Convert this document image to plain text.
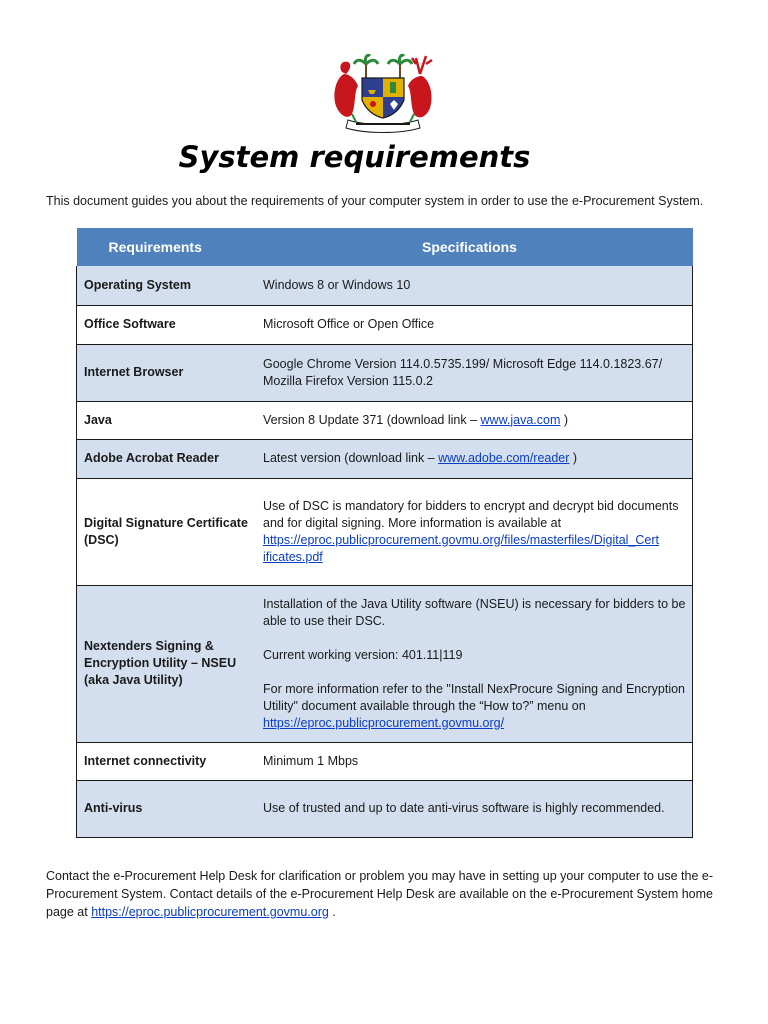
System requirements
This document guides you about the requirements of your computer system in order to use the e-Procurement System.
Requirements	Specifications
Operating System	Windows 8 or Windows 10
Office Software	Microsoft Office or Open Office
Internet Browser	Google Chrome Version 114.0.5735.199/ Microsoft Edge 114.0.1823.67/
Mozilla Firefox Version 115.0.2

Java	Version 8 Update 371 (download link – www.java.com )
Adobe Acrobat Reader	Latest version (download link – www.adobe.com/reader )
Digital Signature Certificate (DSC)	Use of DSC is mandatory for bidders to encrypt and decrypt bid documents and for digital signing. More information is available at
https://eproc.publicprocurement.govmu.org/files/masterfiles/Digital_Cert
ificates.pdf

Nextenders Signing & Encryption Utility – NSEU (aka Java Utility)	Installation of the Java Utility software (NSEU) is necessary for bidders to be able to use their DSC.
Current working version: 401.11|119
For more information refer to the "Install NexProcure Signing and Encryption Utility" document available through the “How to?” menu on
https://eproc.publicprocurement.govmu.org/

Internet connectivity	Minimum 1 Mbps
Anti-virus	Use of trusted and up to date anti-virus software is highly recommended.
Contact the e-Procurement Help Desk for clarification or problem you may have in setting up your computer to use the e-Procurement System. Contact details of the e-Procurement Help Desk are available on the e-Procurement System home page at https://eproc.publicprocurement.govmu.org .
